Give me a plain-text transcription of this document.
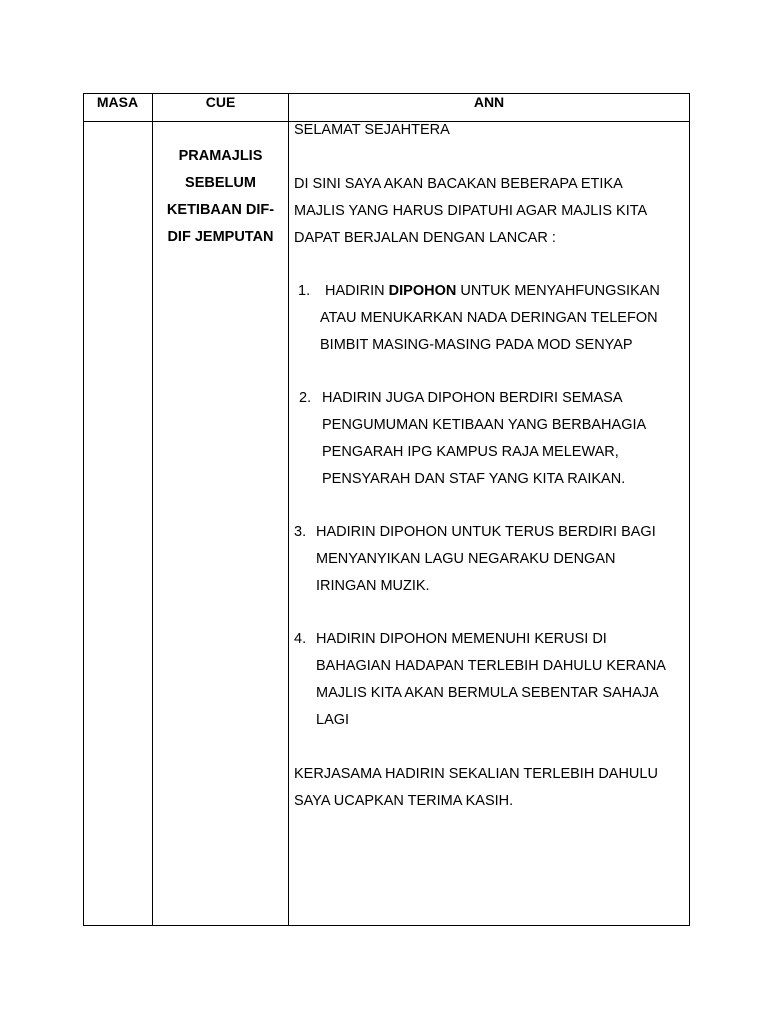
MASA	CUE	ANN
PRAMAJLIS
SEBELUM
KETIBAAN DIF-
DIF JEMPUTAN
SELAMAT SEJAHTERA
DI SINI SAYA AKAN BACAKAN BEBERAPA ETIKA
MAJLIS YANG HARUS DIPATUHI AGAR MAJLIS KITA
DAPAT BERJALAN DENGAN LANCAR :
1. HADIRIN DIPOHON UNTUK MENYAHFUNGSIKAN
ATAU MENUKARKAN NADA DERINGAN TELEFON
BIMBIT MASING-MASING PADA MOD SENYAP
2. HADIRIN JUGA DIPOHON BERDIRI SEMASA
PENGUMUMAN KETIBAAN YANG BERBAHAGIA
PENGARAH IPG KAMPUS RAJA MELEWAR,
PENSYARAH DAN STAF YANG KITA RAIKAN.
3. HADIRIN DIPOHON UNTUK TERUS BERDIRI BAGI
MENYANYIKAN LAGU NEGARAKU DENGAN
IRINGAN MUZIK.
4. HADIRIN DIPOHON MEMENUHI KERUSI DI
BAHAGIAN HADAPAN TERLEBIH DAHULU KERANA
MAJLIS KITA AKAN BERMULA SEBENTAR SAHAJA
LAGI
KERJASAMA HADIRIN SEKALIAN TERLEBIH DAHULU
SAYA UCAPKAN TERIMA KASIH.
